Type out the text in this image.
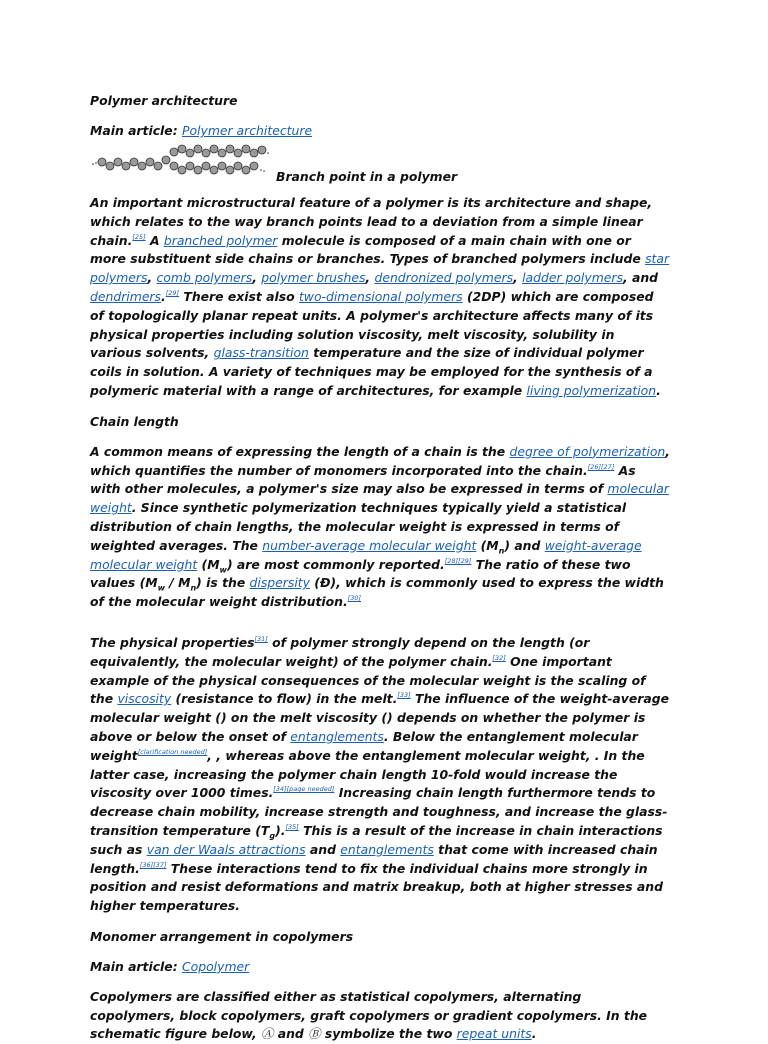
Polymer architecture
Main article: Polymer architecture
Branch point in a polymer

An important microstructural feature of a polymer is its architecture and shape, which relates to the way branch points lead to a deviation from a simple linear chain.[25] A branched polymer molecule is composed of a main chain with one or more substituent side chains or branches. Types of branched polymers include star polymers, comb polymers, polymer brushes, dendronized polymers, ladder polymers, and dendrimers.[29] There exist also two-dimensional polymers (2DP) which are composed of topologically planar repeat units. A polymer's architecture affects many of its physical properties including solution viscosity, melt viscosity, solubility in various solvents, glass-transition temperature and the size of individual polymer coils in solution. A variety of techniques may be employed for the synthesis of a polymeric material with a range of architectures, for example living polymerization.

Chain length

A common means of expressing the length of a chain is the degree of polymerization, which quantifies the number of monomers incorporated into the chain.[26][27] As with other molecules, a polymer's size may also be expressed in terms of molecular weight. Since synthetic polymerization techniques typically yield a statistical distribution of chain lengths, the molecular weight is expressed in terms of weighted averages. The number-average molecular weight $(M_n)$ and weight-average molecular weight $(M_w)$ are most commonly reported.[28][29] The ratio of these two values $(M_w / M_n)$ is the dispersity (Đ), which is commonly used to express the width of the molecular weight distribution.[30]

The physical properties[31] of polymer strongly depend on the length (or equivalently, the molecular weight) of the polymer chain.[32] One important example of the physical consequences of the molecular weight is the scaling of the viscosity (resistance to flow) in the melt.[33] The influence of the weight-average molecular weight () on the melt viscosity () depends on whether the polymer is above or below the onset of entanglements. Below the entanglement molecular weight[clarification needed], , whereas above the entanglement molecular weight, . In the latter case, increasing the polymer chain length 10-fold would increase the viscosity over 1000 times.[34][page needed] Increasing chain length furthermore tends to decrease chain mobility, increase strength and toughness, and increase the glass-transition temperature $(T_g).[35]$ This is a result of the increase in chain interactions such as van der Waals attractions and entanglements that come with increased chain length.[36][37] These interactions tend to fix the individual chains more strongly in position and resist deformations and matrix breakup, both at higher stresses and higher temperatures.

Monomer arrangement in copolymers
Main article: Copolymer

Copolymers are classified either as statistical copolymers, alternating copolymers, block copolymers, graft copolymers or gradient copolymers. In the schematic figure below, Ⓐ and Ⓑ symbolize the two repeat units.
